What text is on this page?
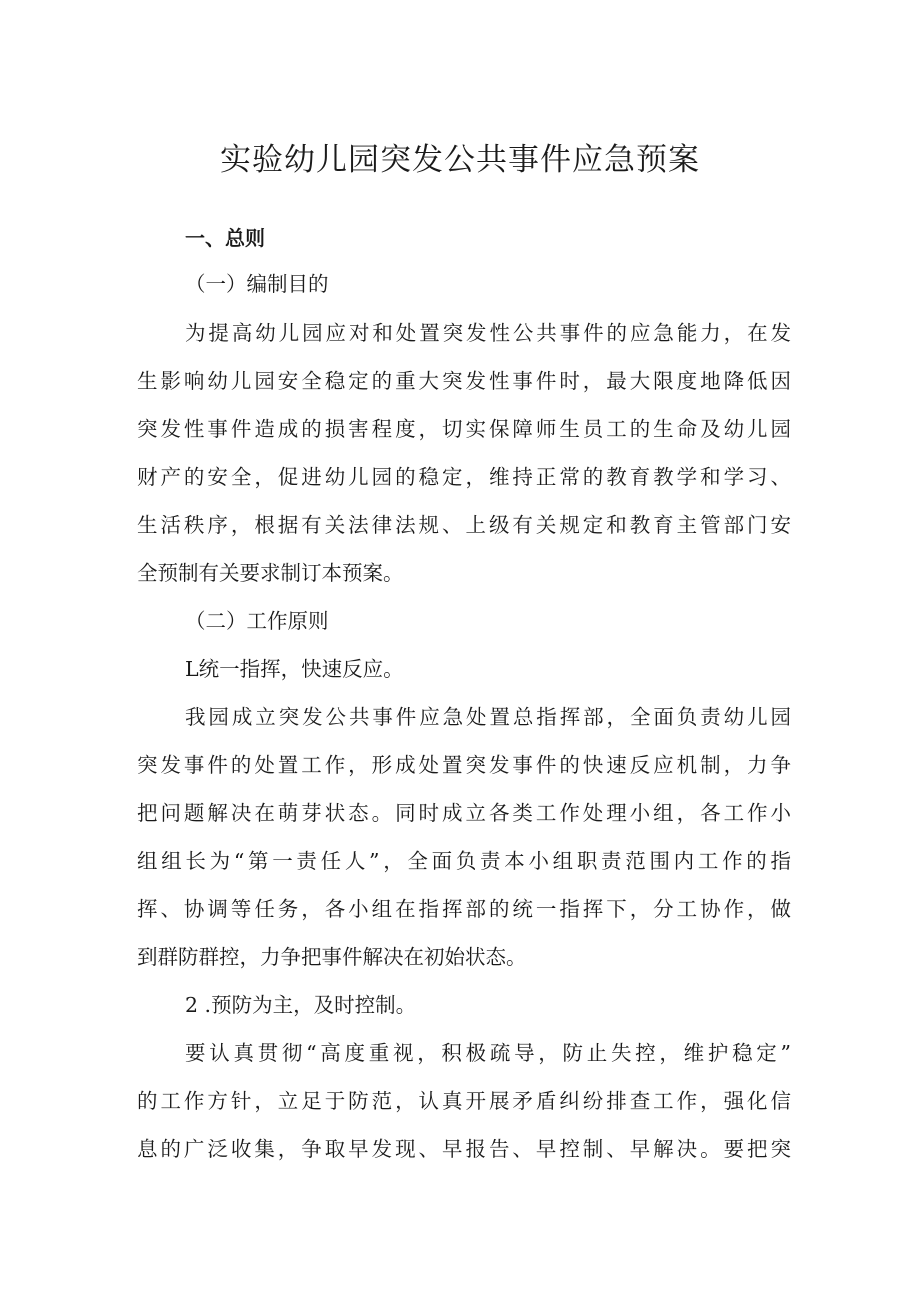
实验幼儿园突发公共事件应急预案

一、总则

（一）编制目的

为提高幼儿园应对和处置突发性公共事件的应急能力，在发

生影响幼儿园安全稳定的重大突发性事件时，最大限度地降低因

突发性事件造成的损害程度，切实保障师生员工的生命及幼儿园

财产的安全，促进幼儿园的稳定，维持正常的教育教学和学习、

生活秩序，根据有关法律法规、上级有关规定和教育主管部门安

全预制有关要求制订本预案。

（二）工作原则

L统一指挥，快速反应。

我园成立突发公共事件应急处置总指挥部，全面负责幼儿园

突发事件的处置工作，形成处置突发事件的快速反应机制，力争

把问题解决在萌芽状态。同时成立各类工作处理小组，各工作小

组组长为“第一责任人”，全面负责本小组职责范围内工作的指

挥、协调等任务，各小组在指挥部的统一指挥下，分工协作，做

到群防群控，力争把事件解决在初始状态。

2 .预防为主，及时控制。

要认真贯彻“高度重视，积极疏导，防止失控，维护稳定”

的工作方针，立足于防范，认真开展矛盾纠纷排查工作，强化信

息的广泛收集，争取早发现、早报告、早控制、早解决。要把突
